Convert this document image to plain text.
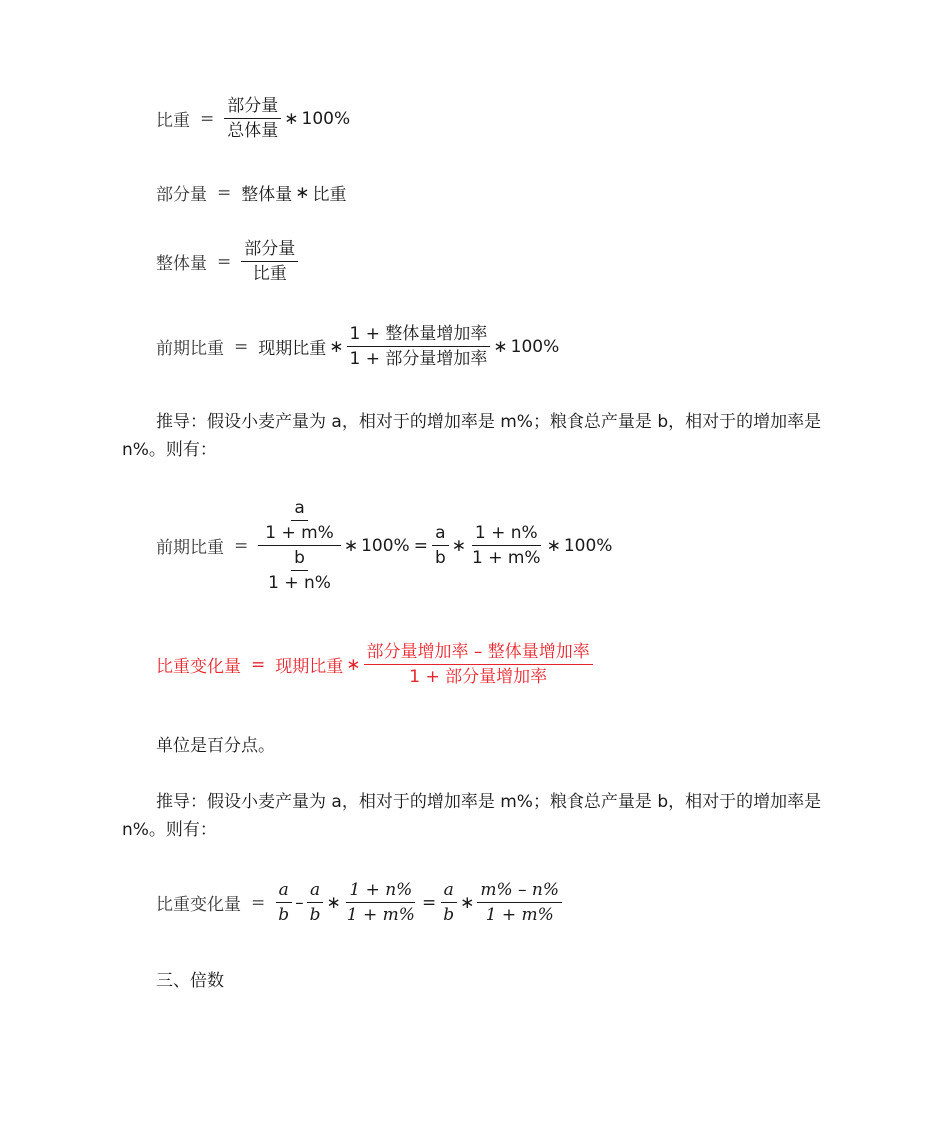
比重 = $\frac{\text{部分量}}{\text{总体量}}$ ∗ 100%
部分量 = 整体量 ∗ 比重
整体量 = $\frac{\text{部分量}}{\text{比重}}$
前期比重 = 现期比重 ∗ $\frac{\text{1 + 整体量增加率}}{\text{1 + 部分量增加率}}$ ∗ 100%
推导：假设小麦产量为 a，相对于的增加率是 m%；粮食总产量是 b，相对于的增加率是 n%。则有：
前期比重 = $\frac{\frac{a}{1 + m\%}}{\frac{b}{1 + n\%}}$ ∗ $100\% = \frac{a}{b}$ ∗ $\frac{1 + n\%}{1 + m\%}$ ∗ 100%
比重变化量 = 现期比重 ∗ $\frac{\text{部分量增加率 – 整体量增加率}}{\text{1 + 部分量增加率}}$
单位是百分点。
推导：假设小麦产量为 a，相对于的增加率是 m%；粮食总产量是 b，相对于的增加率是 n%。则有：
比重变化量 = $\frac{a}{b} - \frac{a}{b}$ ∗ $\frac{1 + n\%}{1 + m\%} = \frac{a}{b}$ ∗ $\frac{m\% - n\%}{1 + m\%}$
三、倍数
